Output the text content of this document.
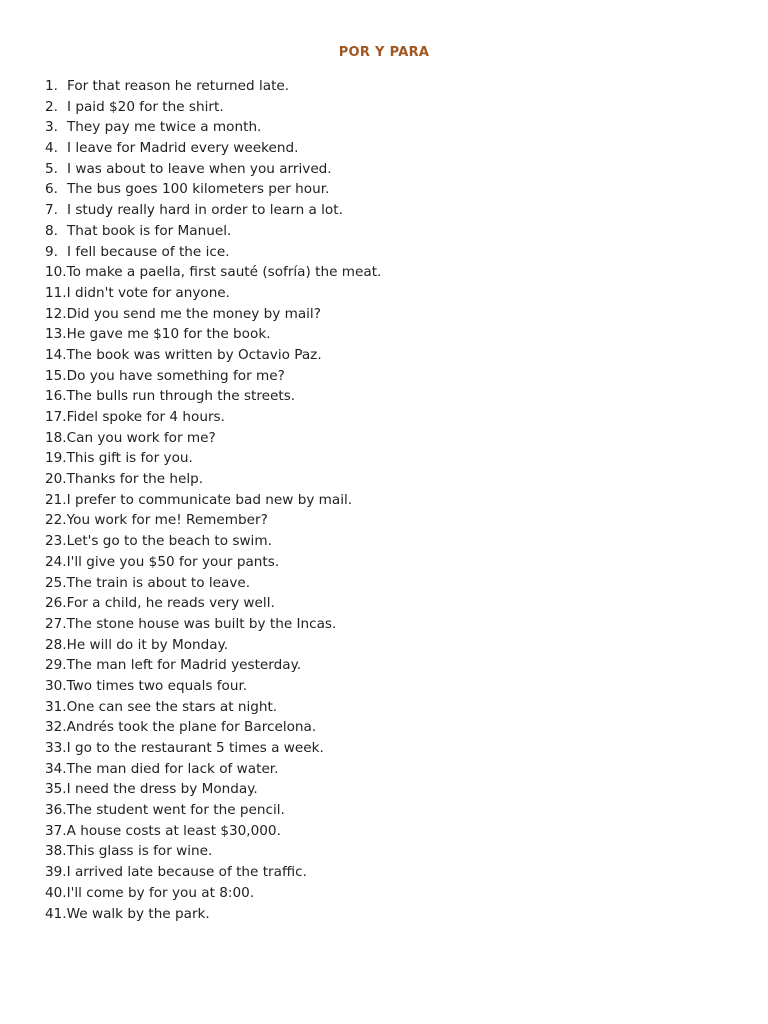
POR Y PARA
1. For that reason he returned late.
2. I paid $20 for the shirt.
3. They pay me twice a month.
4. I leave for Madrid every weekend.
5. I was about to leave when you arrived.
6. The bus goes 100 kilometers per hour.
7. I study really hard in order to learn a lot.
8. That book is for Manuel.
9. I fell because of the ice.
10. To make a paella, first sauté (sofría) the meat.
11. I didn't vote for anyone.
12. Did you send me the money by mail?
13. He gave me $10 for the book.
14. The book was written by Octavio Paz.
15. Do you have something for me?
16. The bulls run through the streets.
17. Fidel spoke for 4 hours.
18. Can you work for me?
19. This gift is for you.
20. Thanks for the help.
21. I prefer to communicate bad new by mail.
22. You work for me! Remember?
23. Let's go to the beach to swim.
24. I'll give you $50 for your pants.
25. The train is about to leave.
26. For a child, he reads very well.
27. The stone house was built by the Incas.
28. He will do it by Monday.
29. The man left for Madrid yesterday.
30. Two times two equals four.
31. One can see the stars at night.
32. Andrés took the plane for Barcelona.
33. I go to the restaurant 5 times a week.
34. The man died for lack of water.
35. I need the dress by Monday.
36. The student went for the pencil.
37. A house costs at least $30,000.
38. This glass is for wine.
39. I arrived late because of the traffic.
40. I'll come by for you at 8:00.
41. We walk by the park.
